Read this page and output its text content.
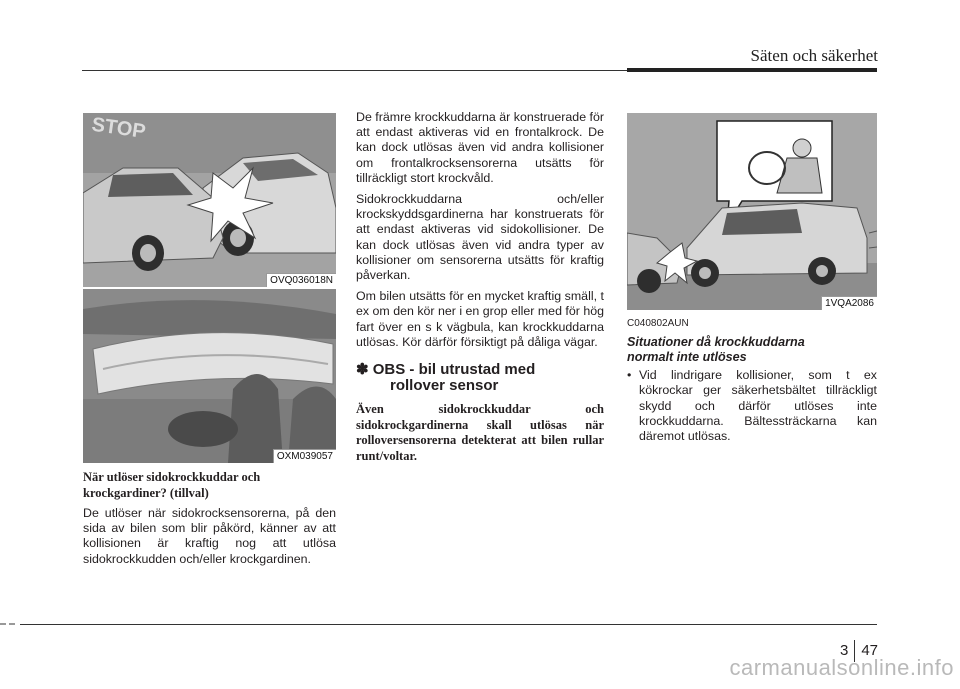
Säten och säkerhet
STOP
OVQ036018N
OXM039057
1VQA2086
När utlöser sidokrockkuddar och
krockgardiner? (tillval)

De utlöser när sidokrocksensorerna, på den sida av bilen som blir påkörd, känner av att kollisionen är kraftig nog att utlösa sidokrockkudden och/eller krockgardinen.

De främre krockkuddarna är konstruerade för att endast aktiveras vid en frontalkrock. De kan dock utlösas även vid andra kollisioner om frontalkrocksensorerna utsätts för tillräckligt stort krockvåld.

Sidokrockkuddarna och/eller krockskyddsgardinerna har konstruerats för att endast aktiveras vid sidokollisioner. De kan dock utlösas även vid andra typer av kollisioner om sensorerna utsätts för kraftig påverkan.

Om bilen utsätts för en mycket kraftig smäll, t ex om den kör ner i en grop eller med för hög fart över en s k vägbula, kan krockkuddarna utlösas. Kör därför försiktigt på dåliga vägar.

✽ OBS - bil utrustad med
rollover sensor
Även sidokrockkuddar och sidokrockgardinerna skall utlösas när rolloversensorerna detekterat att bilen rullar runt/voltar.
C040802AUN
Situationer då krockkuddarna
normalt inte utlöses
• Vid lindrigare kollisioner, som t ex kökrockar ger säkerhetsbältet tillräckligt skydd och därför utlöses inte krockkuddarna. Bältessträckarna kan däremot utlösas.
3 47
carmanualsonline.info
